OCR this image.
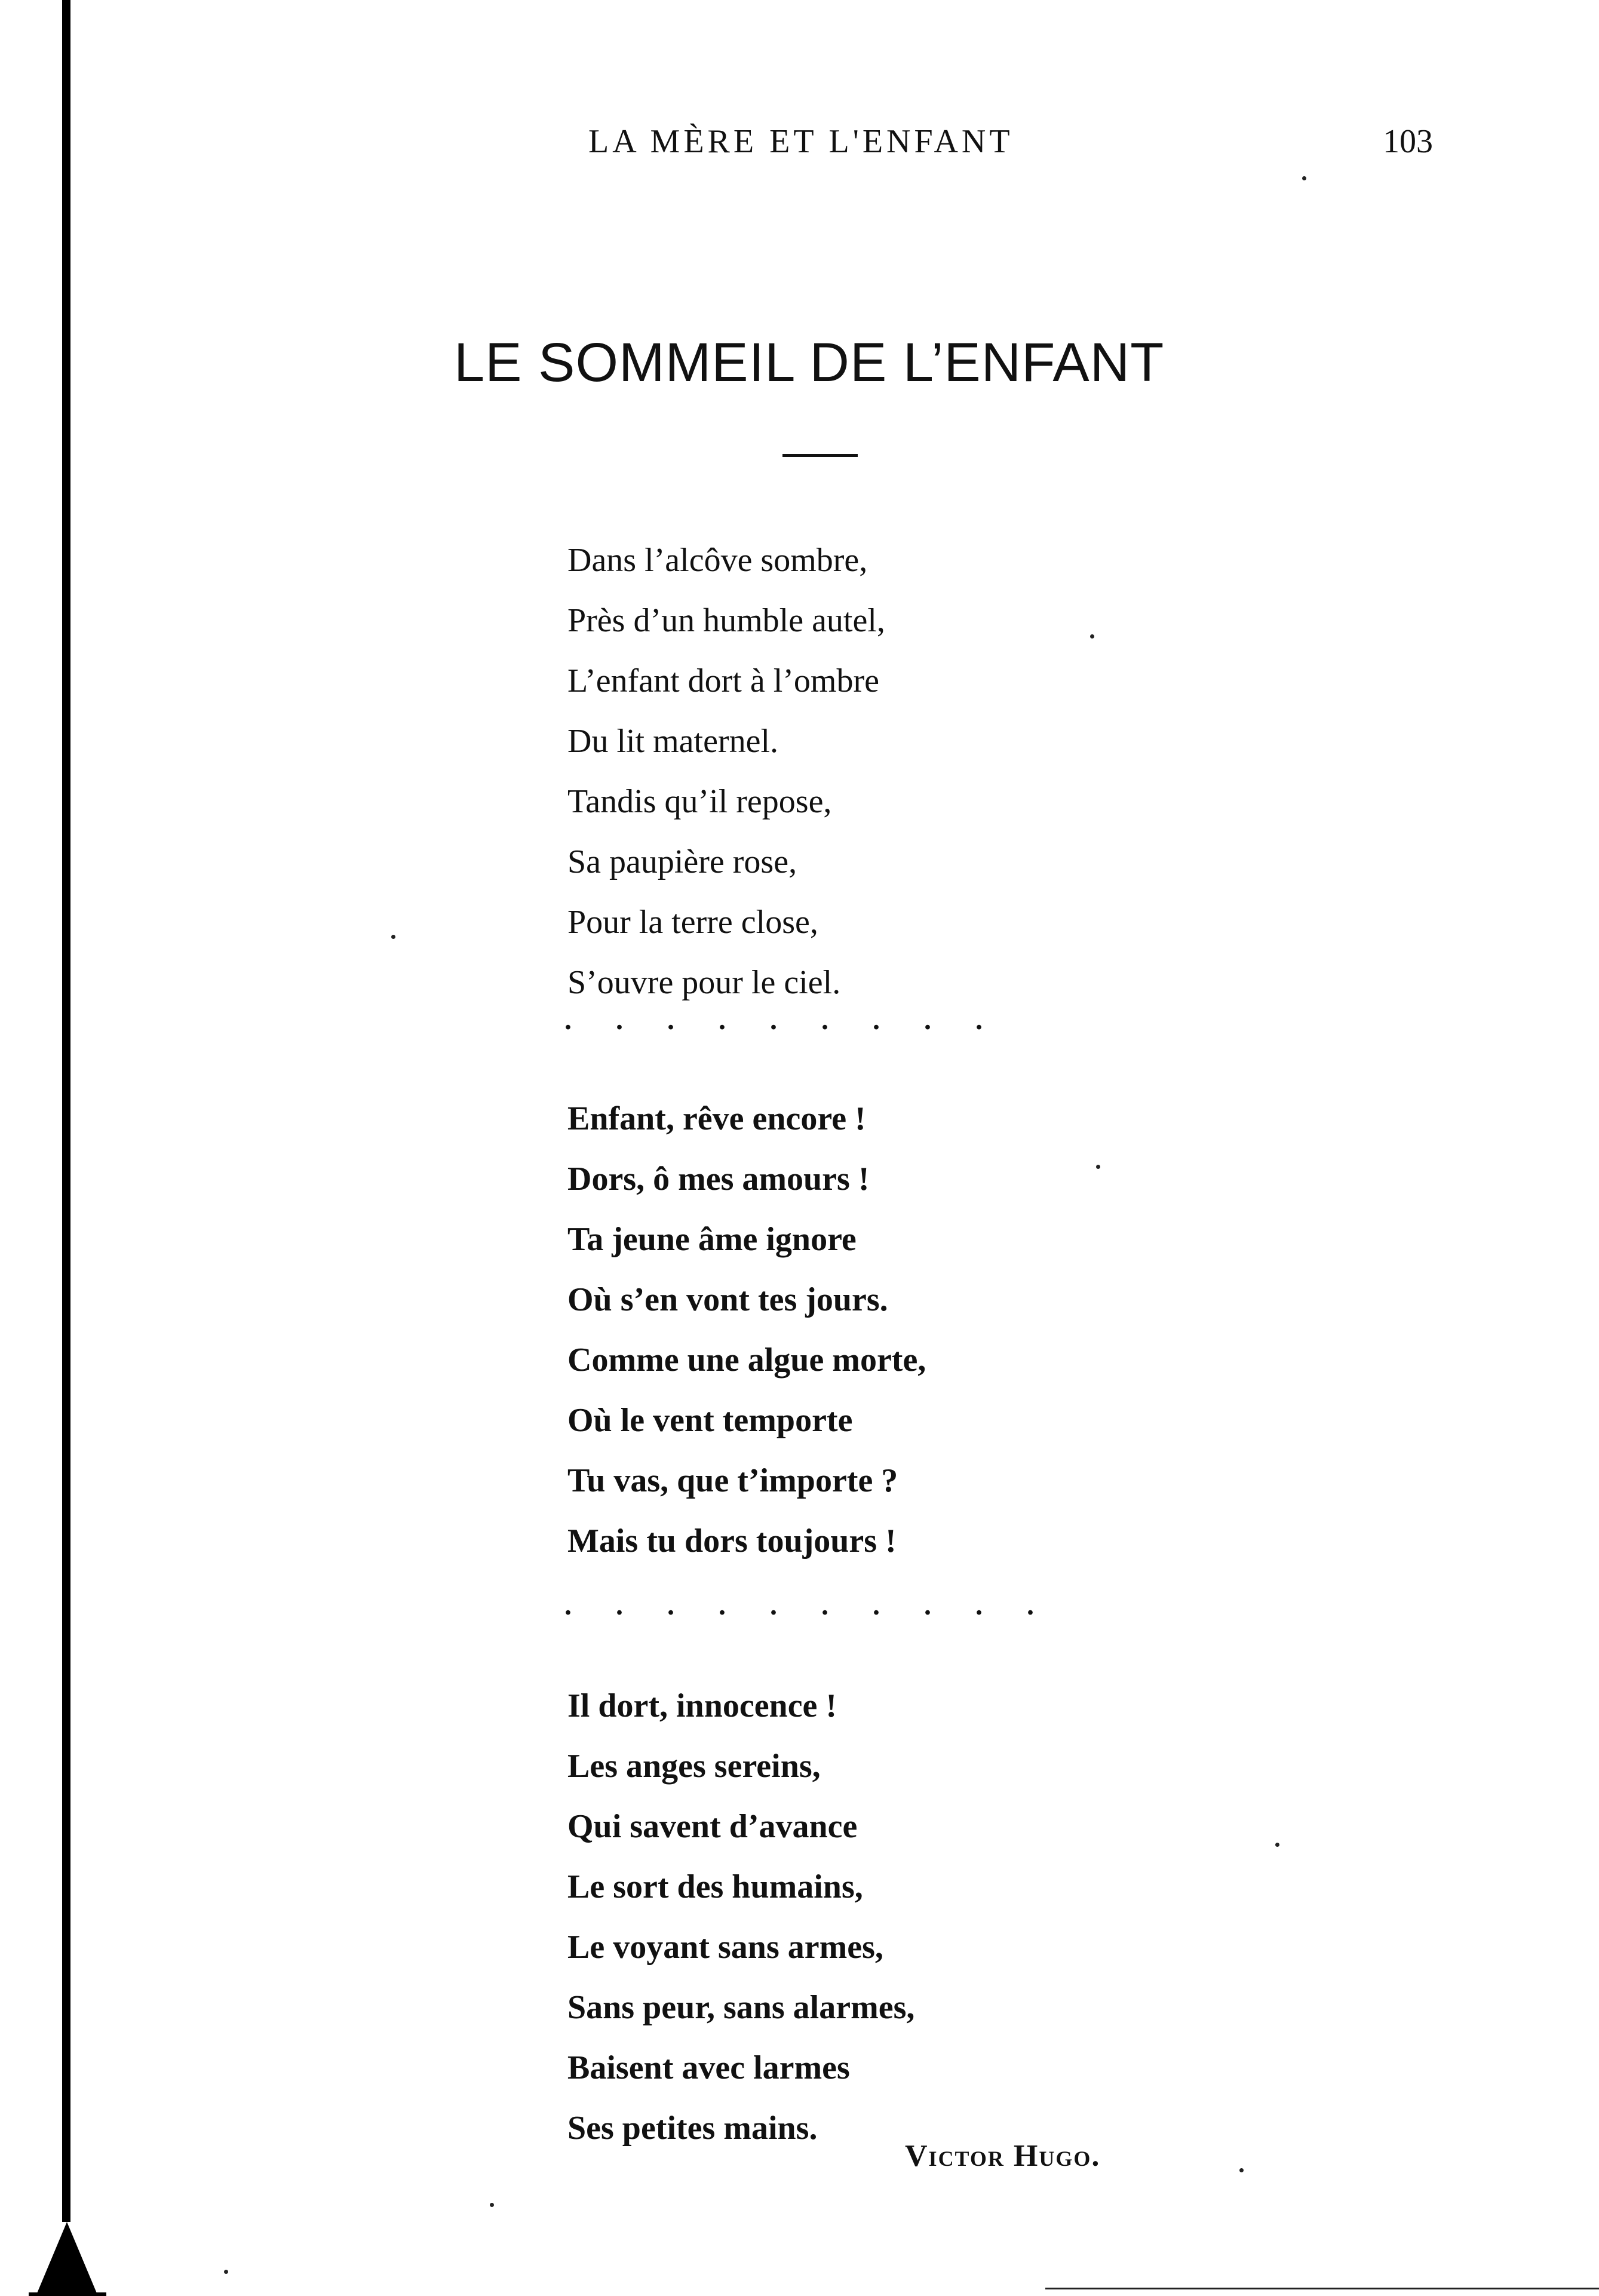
LA MÈRE ET L'ENFANT	103
LE SOMMEIL DE L’ENFANT
Dans l’alcôve sombre,
Près d’un humble autel,
L’enfant dort à l’ombre
Du lit maternel.
Tandis qu’il repose,
Sa paupière rose,
Pour la terre close,
S’ouvre pour le ciel.
. . . . . . . . .
Enfant, rêve encore !
Dors, ô mes amours !
Ta jeune âme ignore
Où s’en vont tes jours.
Comme une algue morte,
Où le vent temporte
Tu vas, que t’importe ?
Mais tu dors toujours !
. . . . . . . . . .
Il dort, innocence !
Les anges sereins,
Qui savent d’avance
Le sort des humains,
Le voyant sans armes,
Sans peur, sans alarmes,
Baisent avec larmes
Ses petites mains.
Victor Hugo.
